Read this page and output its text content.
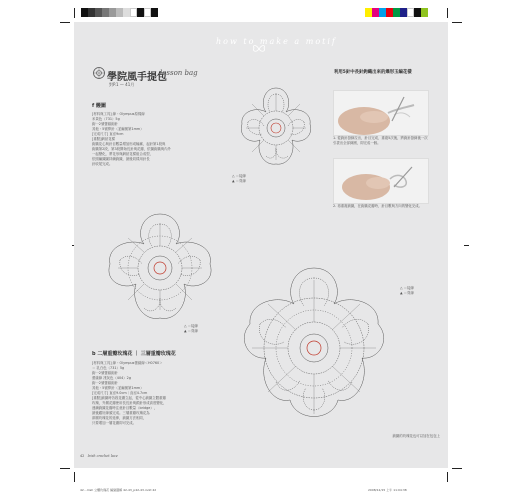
how to make a motif
學院風手提包
lesson bag
對P.1 — 41月
f 饅圖
[材料與工具] 線・Olympus原棉線
米黃色（731）5g
鉤一2號蕾絲鉤針
其他・5號棒針（並編號第1mm）
[完成尺寸] 直徑9cm
[重點]網狀花樣
鉤織花心與針目數量增加形成輪廓，起針第1段與
鉤織第2段，第3段開始長針與花瓣，依圖鉤織與內外
一起變化，將花形與網狀花樣組合成型，
依照編織圖持續鉤織，最後同樣用針長
針收尾完成。
△ ＝接線
▲ ＝剪線
利用5針中長針鉤織出來的爆形玉編花樣
1. 從鉤針掛線拉出，針目完成，重複5次後，將鉤針掛線後一次引拔出全部線圈，即完成一個。
2. 再重複鉤織，在鉤織花瓣時，針目數與方向的變化完成。
△ ＝接線
▲ ＝剪線
b 二層重瓣玫瑰花 ｜ 三層重瓣玫瑰花
[材料與工具] 線・Olympus蕾絲線＜H0760＞
＝ 乳白色（731）5g
鉤一2號蕾絲鉤針
蕾絲線 淺灰色（404）2g
鉤一2號蕾絲鉤針
其他・5號棒針（並編號第1mm）
[完成尺寸] 直徑9.0cm｜直徑4.7cm
[重點]鉤織時各段花瓣立起，從中心鉤織立體重瓣
玫瑰，外層花瓣使用長長針與鎖針形成高度變化，
連續鉤織花瓣時注意針目數量（bridge），
最後藏好線頭完成。三層重瓣玫瑰花為
兩層玫瑰花的延伸，鉤織方法相同，
只要增加一層花瓣即可完成。
△ ＝接線
▲ ＝剪線
鉤織的玫瑰花也可以加在包包上
42 Irish crochet lace
42…Irish 立體玫瑰花 編織圖解 42-43_p42-43.indd 42	2008/12/15 上午 11:04:38
